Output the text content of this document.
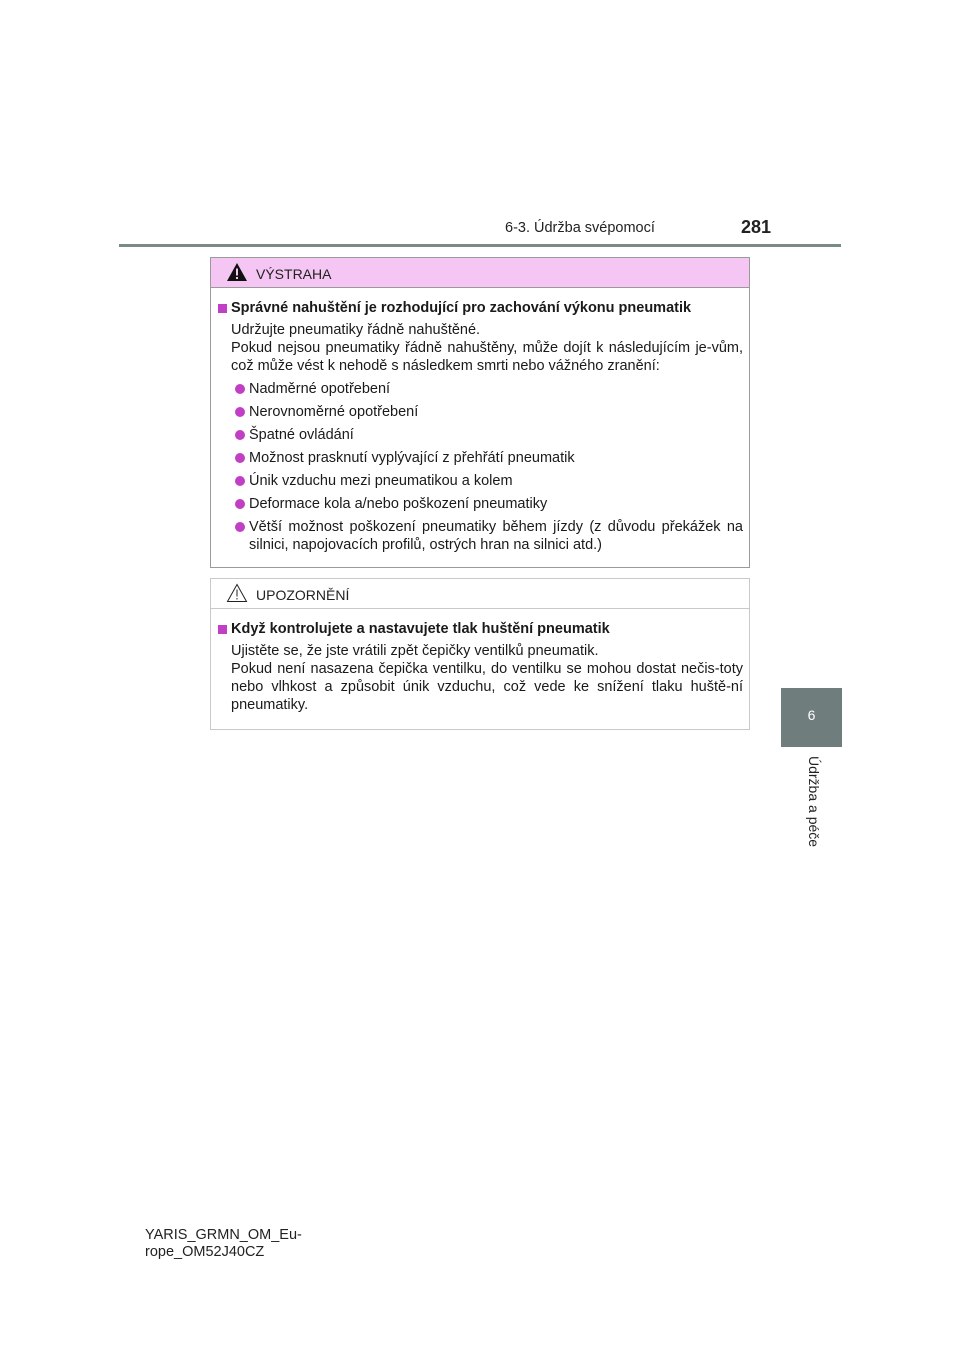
6-3. Údržba svépomocí	281
6
Údržba a péče
VÝSTRAHA
Správné nahuštění je rozhodující pro zachování výkonu pneumatik
Udržujte pneumatiky řádně nahuštěné.
Pokud nejsou pneumatiky řádně nahuštěny, může dojít k následujícím je-vům, což může vést k nehodě s následkem smrti nebo vážného zranění:
Nadměrné opotřebení
Nerovnoměrné opotřebení
Špatné ovládání
Možnost prasknutí vyplývající z přehřátí pneumatik
Únik vzduchu mezi pneumatikou a kolem
Deformace kola a/nebo poškození pneumatiky
Větší možnost poškození pneumatiky během jízdy (z důvodu překážek na silnici, napojovacích profilů, ostrých hran na silnici atd.)
UPOZORNĚNÍ
Když kontrolujete a nastavujete tlak huštění pneumatik
Ujistěte se, že jste vrátili zpět čepičky ventilků pneumatik.
Pokud není nasazena čepička ventilku, do ventilku se mohou dostat nečis-toty nebo vlhkost a způsobit únik vzduchu, což vede ke snížení tlaku huště-ní pneumatiky.
YARIS_GRMN_OM_Eu-
rope_OM52J40CZ
